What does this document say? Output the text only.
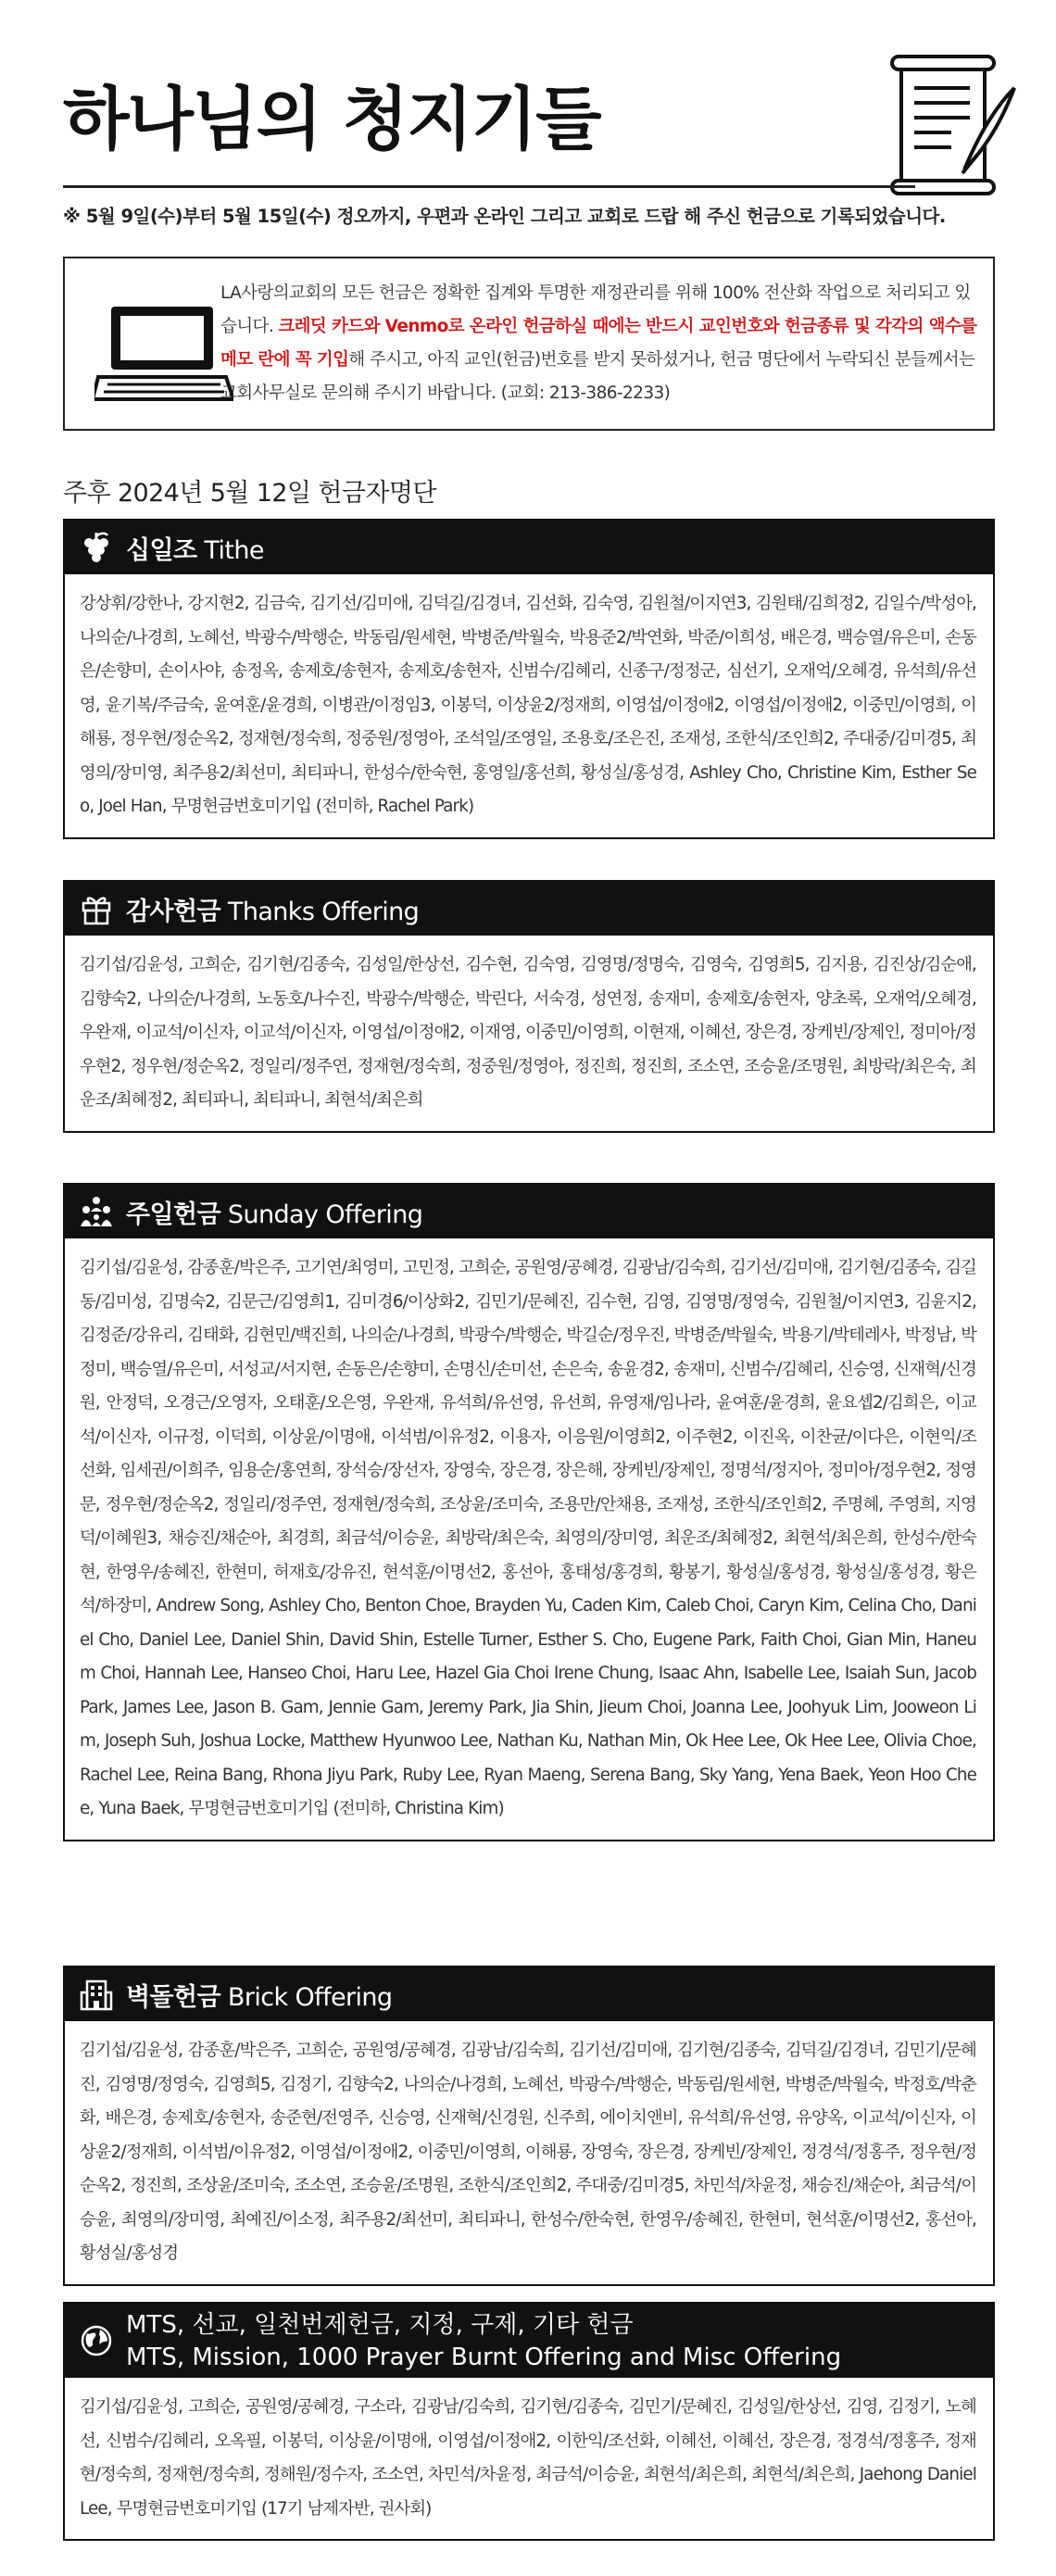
하나님의 청지기들
※ 5월 9일(수)부터 5월 15일(수) 정오까지, 우편과 온라인 그리고 교회로 드랍 해 주신 헌금으로 기록되었습니다.
LA사랑의교회의 모든 헌금은 정확한 집계와 투명한 재정관리를 위해 100% 전산화 작업으로 처리되고 있습니다. 크레딧 카드와 Venmo로 온라인 헌금하실 때에는 반드시 교인번호와 헌금종류 및 각각의 액수를 메모 란에 꼭 기입해 주시고, 아직 교인(헌금)번호를 받지 못하셨거나, 헌금 명단에서 누락되신 분들께서는 교회사무실로 문의해 주시기 바랍니다. (교회: 213-386-2233)
주후 2024년 5월 12일 헌금자명단
십일조 Tithe
강상휘/강한나, 강지현2, 김금숙, 김기선/김미애, 김덕길/김경녀, 김선화, 김숙영, 김원철/이지연3, 김원태/김희정2, 김일수/박성아, 나의순/나경희, 노혜선, 박광수/박행순, 박동림/원세현, 박병준/박월숙, 박용준2/박연화, 박준/이희성, 배은경, 백승열/유은미, 손동은/손향미, 손이사야, 송정옥, 송제호/송현자, 송제호/송현자, 신범수/김혜리, 신종구/정정군, 심선기, 오재억/오혜경, 유석희/유선영, 윤기복/주금숙, 윤여훈/윤경희, 이병관/이정임3, 이봉덕, 이상윤2/정재희, 이영섭/이정애2, 이영섭/이정애2, 이중민/이영희, 이해룡, 정우현/정순옥2, 정재현/정숙희, 정중원/정영아, 조석일/조영일, 조용호/조은진, 조재성, 조한식/조인희2, 주대중/김미경5, 최영의/장미영, 최주용2/최선미, 최티파니, 한성수/한숙현, 홍영일/홍선희, 황성실/홍성경, Ashley Cho, Christine Kim, Esther Seo, Joel Han, 무명현금번호미기입 (전미하, Rachel Park)
감사헌금 Thanks Offering
김기섭/김윤성, 고희순, 김기현/김종숙, 김성일/한상선, 김수현, 김숙영, 김영명/정명숙, 김영숙, 김영희5, 김지용, 김진상/김순애, 김향숙2, 나의순/나경희, 노동호/나수진, 박광수/박행순, 박린다, 서숙경, 성연정, 송재미, 송제호/송현자, 양초록, 오재억/오혜경, 우완재, 이교석/이신자, 이교석/이신자, 이영섭/이정애2, 이재영, 이중민/이영희, 이현재, 이혜선, 장은경, 장케빈/장제인, 정미아/정우현2, 정우현/정순옥2, 정일리/정주연, 정재현/정숙희, 정중원/정영아, 정진희, 정진희, 조소연, 조승윤/조명원, 최방락/최은숙, 최운조/최혜정2, 최티파니, 최티파니, 최현석/최은희
주일헌금 Sunday Offering
김기섭/김윤성, 감종훈/박은주, 고기연/최영미, 고민정, 고희순, 공원영/공혜경, 김광남/김숙희, 김기선/김미애, 김기현/김종숙, 김길동/김미성, 김명숙2, 김문근/김영희1, 김미경6/이상화2, 김민기/문혜진, 김수현, 김영, 김영명/정영숙, 김원철/이지연3, 김윤지2, 김정준/강유리, 김태화, 김현민/백진희, 나의순/나경희, 박광수/박행순, 박길순/정우진, 박병준/박월숙, 박용기/박테레사, 박정남, 박정미, 백승열/유은미, 서성교/서지현, 손동은/손향미, 손명신/손미선, 손은숙, 송윤경2, 송재미, 신범수/김혜리, 신승영, 신재혁/신경원, 안정덕, 오경근/오영자, 오태훈/오은영, 우완재, 유석희/유선영, 유선희, 유영재/임나라, 윤여훈/윤경희, 윤요셉2/김희은, 이교석/이신자, 이규정, 이덕희, 이상윤/이명애, 이석범/이유정2, 이용자, 이응원/이영희2, 이주현2, 이진옥, 이찬균/이다은, 이현익/조선화, 임세권/이희주, 임용순/홍연희, 장석승/장선자, 장영숙, 장은경, 장은해, 장케빈/장제인, 정명석/정지아, 정미아/정우현2, 정영문, 정우현/정순옥2, 정일리/정주연, 정재현/정숙희, 조상윤/조미숙, 조용만/안채용, 조재성, 조한식/조인희2, 주명혜, 주영희, 지영덕/이혜원3, 채승진/채순아, 최경희, 최금석/이승윤, 최방락/최은숙, 최영의/장미영, 최운조/최혜정2, 최현석/최은희, 한성수/한숙현, 한영우/송혜진, 한현미, 허재호/강유진, 현석훈/이명선2, 홍선아, 홍태성/홍경희, 황봉기, 황성실/홍성경, 황성실/홍성경, 황은석/하장미, Andrew Song, Ashley Cho, Benton Choe, Brayden Yu, Caden Kim, Caleb Choi, Caryn Kim, Celina Cho, Daniel Cho, Daniel Lee, Daniel Shin, David Shin, Estelle Turner, Esther S. Cho, Eugene Park, Faith Choi, Gian Min, Haneum Choi, Hannah Lee, Hanseo Choi, Haru Lee, Hazel Gia Choi Irene Chung, Isaac Ahn, Isabelle Lee, Isaiah Sun, Jacob Park, James Lee, Jason B. Gam, Jennie Gam, Jeremy Park, Jia Shin, Jieum Choi, Joanna Lee, Joohyuk Lim, Jooweon Lim, Joseph Suh, Joshua Locke, Matthew Hyunwoo Lee, Nathan Ku, Nathan Min, Ok Hee Lee, Ok Hee Lee, Olivia Choe, Rachel Lee, Reina Bang, Rhona Jiyu Park, Ruby Lee, Ryan Maeng, Serena Bang, Sky Yang, Yena Baek, Yeon Hoo Chee, Yuna Baek, 무명현금번호미기입 (전미하, Christina Kim)
벽돌헌금 Brick Offering
김기섭/김윤성, 감종훈/박은주, 고희순, 공원영/공혜경, 김광남/김숙희, 김기선/김미애, 김기현/김종숙, 김덕길/김경녀, 김민기/문혜진, 김영명/정영숙, 김영희5, 김정기, 김향숙2, 나의순/나경희, 노혜선, 박광수/박행순, 박동림/원세현, 박병준/박월숙, 박정호/박춘화, 배은경, 송제호/송현자, 송준현/전영주, 신승영, 신재혁/신경원, 신주희, 에이치앤비, 유석희/유선영, 유양옥, 이교석/이신자, 이상윤2/정재희, 이석범/이유정2, 이영섭/이정애2, 이중민/이영희, 이해룡, 장영숙, 장은경, 장케빈/장제인, 정경석/정홍주, 정우현/정순옥2, 정진희, 조상윤/조미숙, 조소연, 조승윤/조명원, 조한식/조인희2, 주대중/김미경5, 차민석/차윤정, 채승진/채순아, 최금석/이승윤, 최영의/장미영, 최예진/이소정, 최주용2/최선미, 최티파니, 한성수/한숙현, 한영우/송혜진, 한현미, 현석훈/이명선2, 홍선아, 황성실/홍성경
MTS, 선교, 일천번제헌금, 지정, 구제, 기타 헌금
MTS, Mission, 1000 Prayer Burnt Offering and Misc Offering
김기섭/김윤성, 고희순, 공원영/공혜경, 구소라, 김광남/김숙희, 김기현/김종숙, 김민기/문혜진, 김성일/한상선, 김영, 김정기, 노혜선, 신범수/김혜리, 오옥필, 이봉덕, 이상윤/이명애, 이영섭/이정애2, 이한익/조선화, 이혜선, 이혜선, 장은경, 정경석/정홍주, 정재현/정숙희, 정재현/정숙희, 정해원/정수자, 조소연, 차민석/차윤정, 최금석/이승윤, 최현석/최은희, 최현석/최은희, Jaehong Daniel Lee, 무명현금번호미기입 (17기 남제자반, 권사회)
